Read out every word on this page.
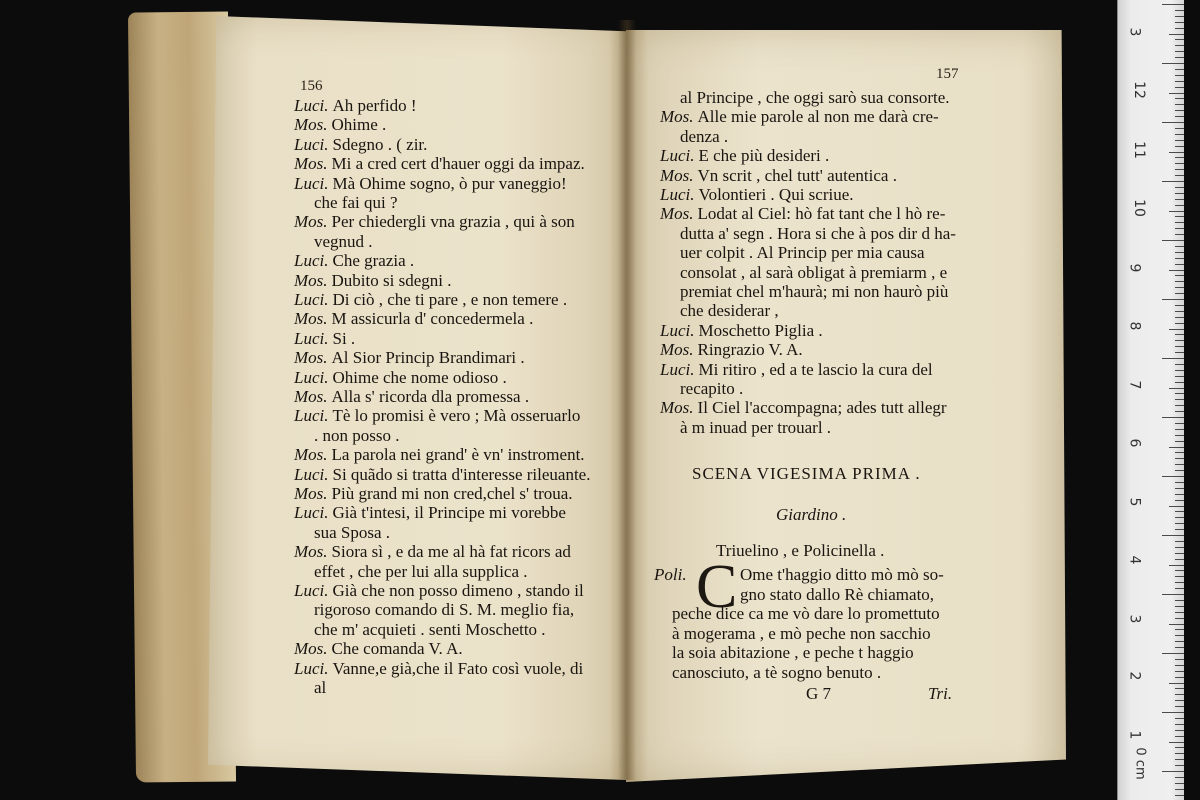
156
157
Luci. Ah perfido !
Mos. Ohime .
Luci. Sdegno . ( zir.
Mos. Mi a cred cert d'hauer oggi da impaz.
Luci. Mà Ohime sogno, ò pur vaneggio!
che fai qui ?
Mos. Per chiedergli vna grazia , qui à son
vegnud .
Luci. Che grazia .
Mos. Dubito si sdegni .
Luci. Di ciò , che ti pare , e non temere .
Mos. M assicurla d' concedermela .
Luci. Si .
Mos. Al Sior Princip Brandimari .
Luci. Ohime che nome odioso .
Mos. Alla s' ricorda dla promessa .
Luci. Tè lo promisi è vero ; Mà osseruarlo
. non posso .
Mos. La parola nei grand' è vn' instroment.
Luci. Si quãdo si tratta d'interesse rileuante.
Mos. Più grand mi non cred,chel s' troua.
Luci. Già t'intesi, il Principe mi vorebbe
sua Sposa .
Mos. Siora sì , e da me al hà fat ricors ad
effet , che per lui alla supplica .
Luci. Già che non posso dimeno , stando il
rigoroso comando di S. M. meglio fia,
che m' acquieti . senti Moschetto .
Mos. Che comanda V. A.
Luci. Vanne,e già,che il Fato così vuole, di
al
al Principe , che oggi sarò sua consorte.
Mos. Alle mie parole al non me darà cre-
denza .
Luci. E che più desideri .
Mos. Vn scrit , chel tutt' autentica .
Luci. Volontieri . Qui scriue.
Mos. Lodat al Ciel: hò fat tant che l hò re-
dutta a' segn . Hora si che à pos dir d ha-
uer colpit . Al Princip per mia causa
consolat , al sarà obligat à premiarm , e
premiat chel m'haurà; mi non haurò più
che desiderar ,
Luci. Moschetto Piglia .
Mos. Ringrazio V. A.
Luci. Mi ritiro , ed a te lascio la cura del
recapito .
Mos. Il Ciel l'accompagna; ades tutt allegr
à m inuad per trouarl .
SCENA VIGESIMA PRIMA .
Giardino .
Triuelino , e Policinella .
Poli. C Ome t'haggio ditto mò mò so-
gno stato dallo Rè chiamato,
peche dice ca me vò dare lo promettuto
à mogerama , e mò peche non sacchio
la soia abitazione , e peche t haggio
canosciuto, a tè sogno benuto .
G 7	Tri.
3
12
11
10
9
8
7
6
5
4
3
2
1
0 cm
